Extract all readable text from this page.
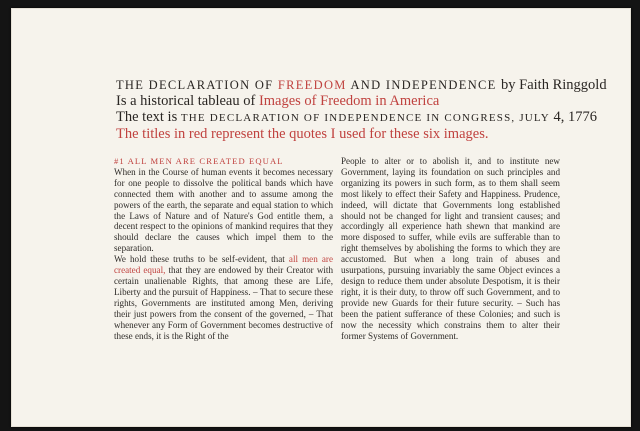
THE DECLARATION OF FREEDOM AND INDEPENDENCE by Faith Ringgold
Is a historical tableau of Images of Freedom in America
The text is THE DECLARATION OF INDEPENDENCE IN CONGRESS, JULY 4, 1776
The titles in red represent the quotes I used for these six images.
#1 ALL MEN ARE CREATED EQUAL

When in the Course of human events it becomes necessary for one people to dissolve the political bands which have connected them with another and to assume among the powers of the earth, the separate and equal station to which the Laws of Nature and of Nature's God entitle them, a decent respect to the opinions of mankind requires that they should declare the causes which impel them to the separation.

We hold these truths to be self-evident, that all men are created equal, that they are endowed by their Creator with certain unalienable Rights, that among these are Life, Liberty and the pursuit of Happiness. – That to secure these rights, Governments are instituted among Men, deriving their just powers from the consent of the governed, – That whenever any Form of Government becomes destructive of these ends, it is the Right of the

People to alter or to abolish it, and to institute new Government, laying its foundation on such principles and organizing its powers in such form, as to them shall seem most likely to effect their Safety and Happiness. Prudence, indeed, will dictate that Governments long established should not be changed for light and transient causes; and accordingly all experience hath shewn that mankind are more disposed to suffer, while evils are sufferable than to right themselves by abolishing the forms to which they are accustomed. But when a long train of abuses and usurpations, pursuing invariably the same Object evinces a design to reduce them under absolute Despotism, it is their right, it is their duty, to throw off such Government, and to provide new Guards for their future security. – Such has been the patient sufferance of these Colonies; and such is now the necessity which constrains them to alter their former Systems of Government.
